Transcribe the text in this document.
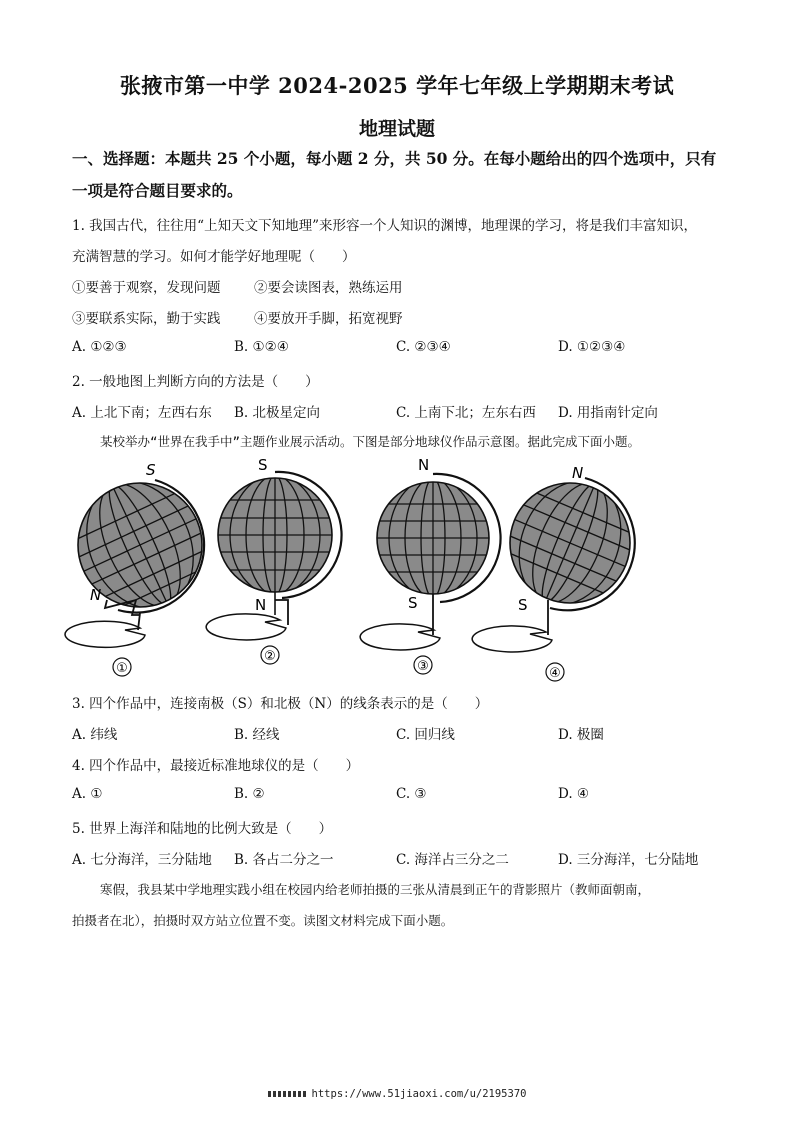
张掖市第一中学 2024-2025 学年七年级上学期期末考试
地理试题
一、选择题：本题共 25 个小题，每小题 2 分，共 50 分。在每小题给出的四个选项中，只有
一项是符合题目要求的。
1. 我国古代，往往用“上知天文下知地理”来形容一个人知识的渊博，地理课的学习，将是我们丰富知识，
充满智慧的学习。如何才能学好地理呢（　　）
①要善于观察，发现问题 ②要会读图表，熟练运用
③要联系实际，勤于实践 ④要放开手脚，拓宽视野
A. ①②③	B. ①②④	C. ②③④	D. ①②③④
2. 一般地图上判断方向的方法是（　　）
A. 上北下南；左西右东 B. 北极星定向	C. 上南下北；左东右西 D. 用指南针定向
某校举办“世界在我手中”主题作业展示活动。下图是部分地球仪作品示意图。据此完成下面小题。
S
N
①
S
N
②
N
S
③
N
S
④
3. 四个作品中，连接南极（S）和北极（N）的线条表示的是（　　）
A. 纬线	B. 经线	C. 回归线	D. 极圈
4. 四个作品中，最接近标准地球仪的是（　　）
A. ①	B. ②	C. ③	D. ④
5. 世界上海洋和陆地的比例大致是（　　）
A. 七分海洋，三分陆地 B. 各占二分之一	C. 海洋占三分之二	D. 三分海洋，七分陆地
寒假，我县某中学地理实践小组在校园内给老师拍摄的三张从清晨到正午的背影照片（教师面朝南，
拍摄者在北），拍摄时双方站立位置不变。读图文材料完成下面小题。
https://www.51jiaoxi.com/u/2195370
